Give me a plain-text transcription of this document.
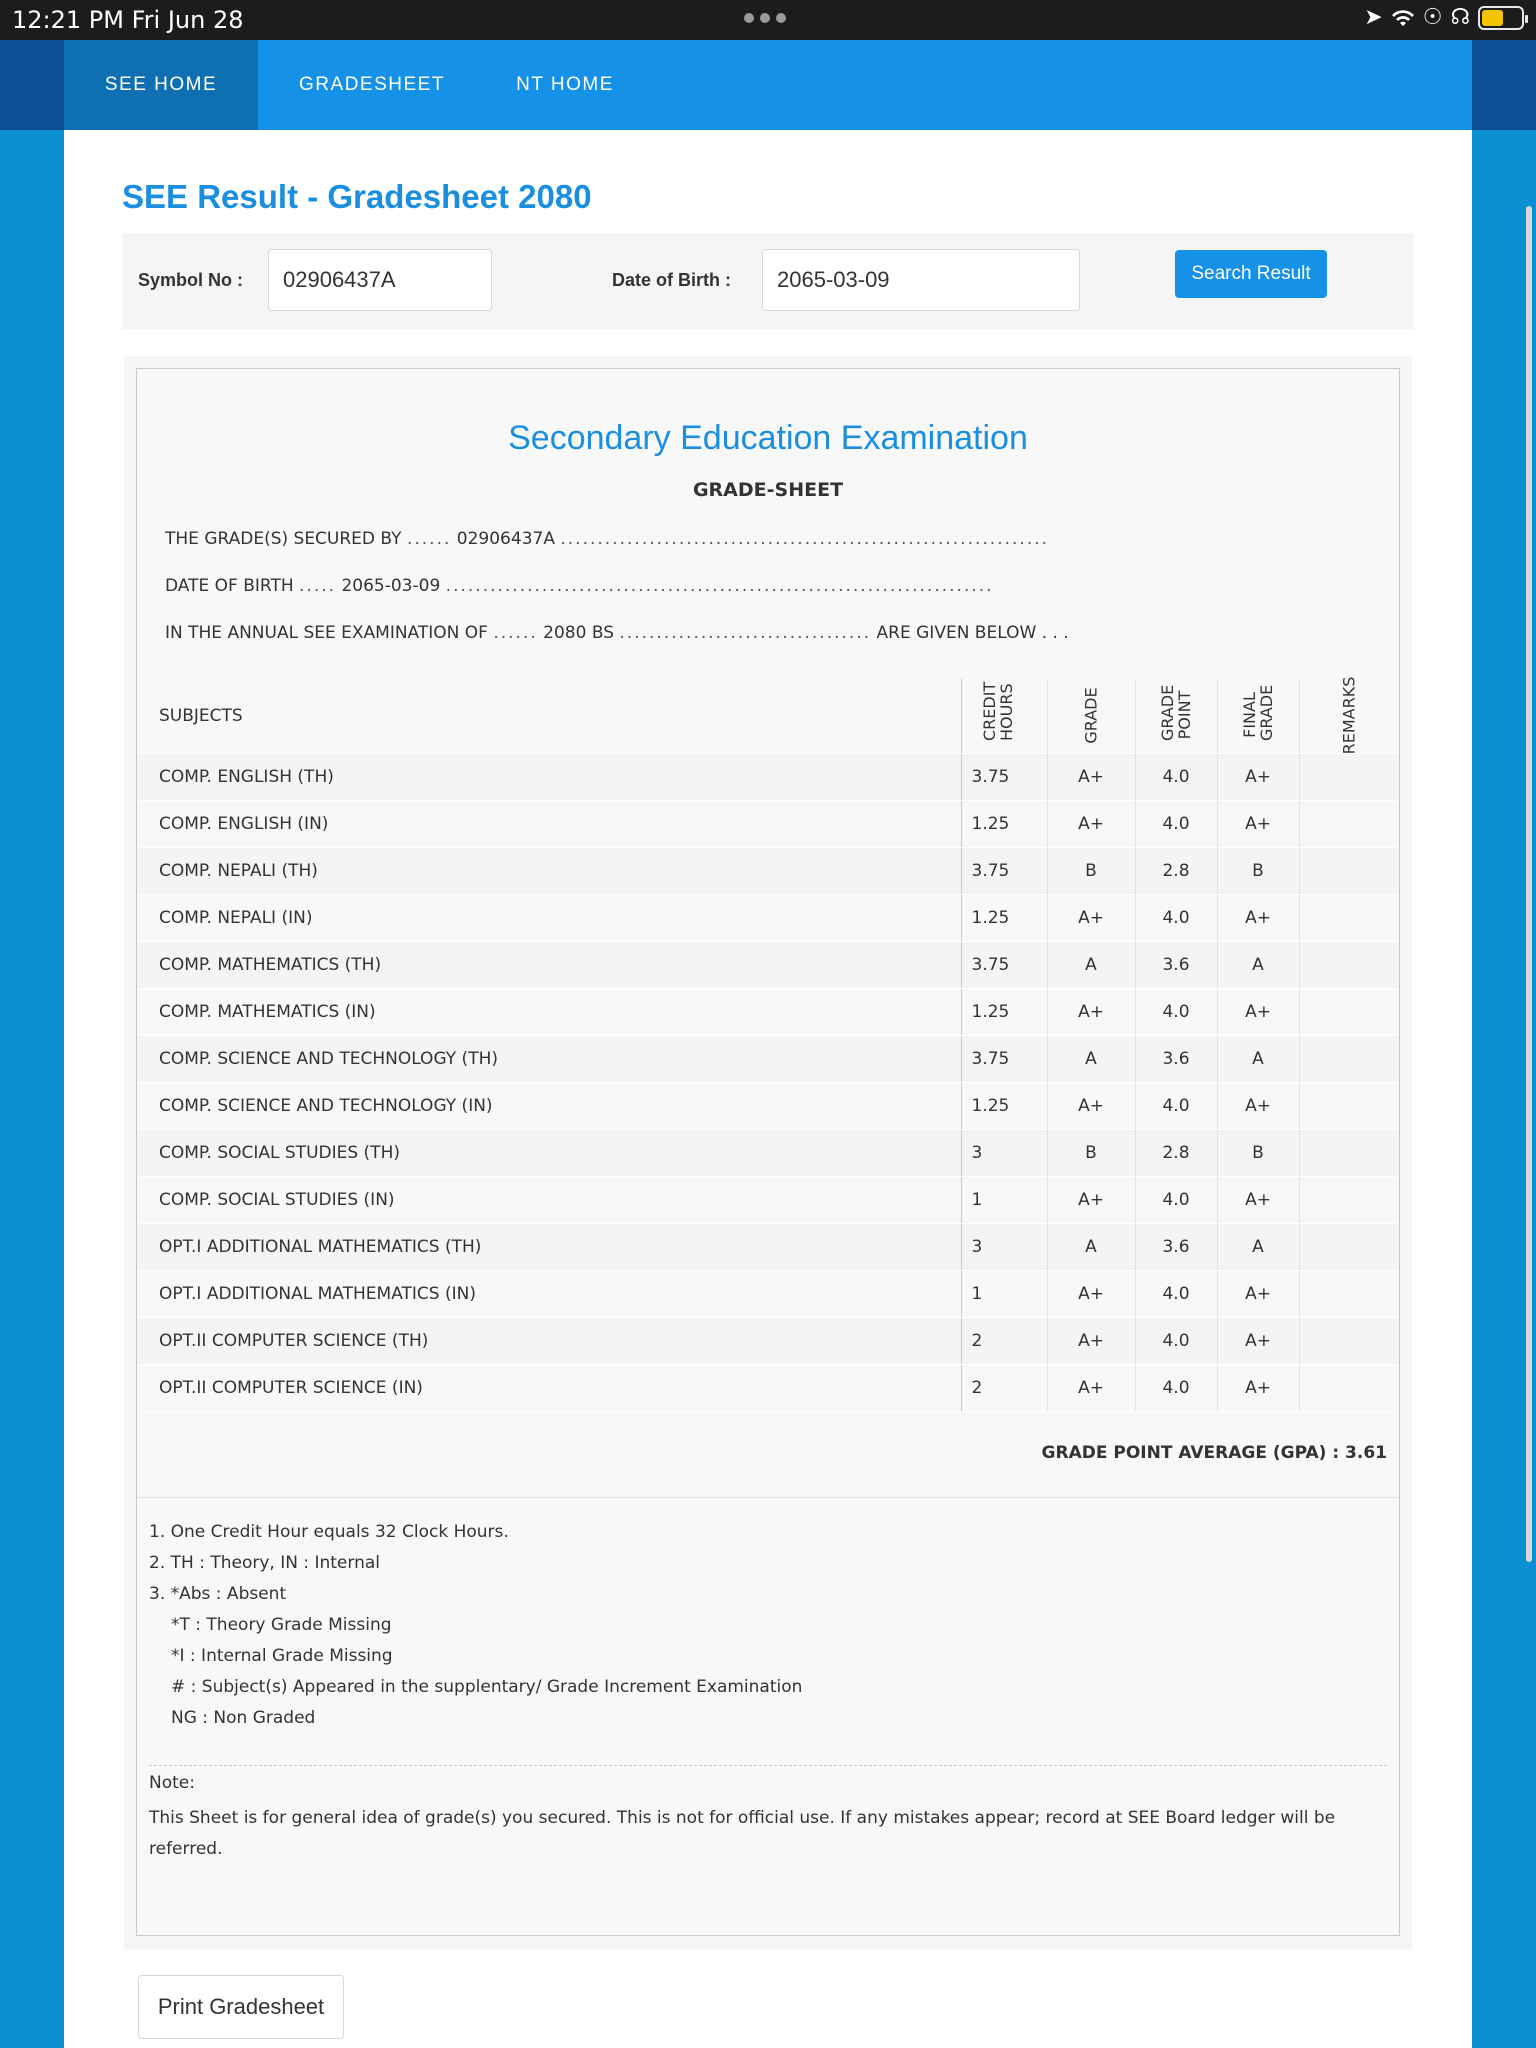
12:21 PM Fri Jun 28	➤ ☉ ☊
SEE HOME	GRADESHEET	NT HOME
SEE Result - Gradesheet 2080
Symbol No :
02906437A	Date of Birth :
2065-03-09	Search Result
Secondary Education Examination
GRADE-SHEET
THE GRADE(S) SECURED BY ...... 02906437A ..................................................................
DATE OF BIRTH ..... 2065-03-09 ..........................................................................
IN THE ANNUAL SEE EXAMINATION OF ...... 2080 BS .................................. ARE GIVEN BELOW . . .
SUBJECTS	CREDIT HOURS	GRADE	GRADE POINT	FINAL GRADE	REMARKS
COMP. ENGLISH (TH)	3.75	A+	4.0	A+	
COMP. ENGLISH (IN)	1.25	A+	4.0	A+	
COMP. NEPALI (TH)	3.75	B	2.8	B	
COMP. NEPALI (IN)	1.25	A+	4.0	A+	
COMP. MATHEMATICS (TH)	3.75	A	3.6	A	
COMP. MATHEMATICS (IN)	1.25	A+	4.0	A+	
COMP. SCIENCE AND TECHNOLOGY (TH)	3.75	A	3.6	A	
COMP. SCIENCE AND TECHNOLOGY (IN)	1.25	A+	4.0	A+	
COMP. SOCIAL STUDIES (TH)	3	B	2.8	B	
COMP. SOCIAL STUDIES (IN)	1	A+	4.0	A+	
OPT.I ADDITIONAL MATHEMATICS (TH)	3	A	3.6	A	
OPT.I ADDITIONAL MATHEMATICS (IN)	1	A+	4.0	A+	
OPT.II COMPUTER SCIENCE (TH)	2	A+	4.0	A+	
OPT.II COMPUTER SCIENCE (IN)	2	A+	4.0	A+	
GRADE POINT AVERAGE (GPA) : 3.61
1. One Credit Hour equals 32 Clock Hours.
2. TH : Theory, IN : Internal
3. *Abs : Absent
*T : Theory Grade Missing
*I : Internal Grade Missing
# : Subject(s) Appeared in the supplentary/ Grade Increment Examination
NG : Non Graded
Note:
This Sheet is for general idea of grade(s) you secured. This is not for official use. If any mistakes appear; record at SEE Board ledger will be referred.
Print Gradesheet
